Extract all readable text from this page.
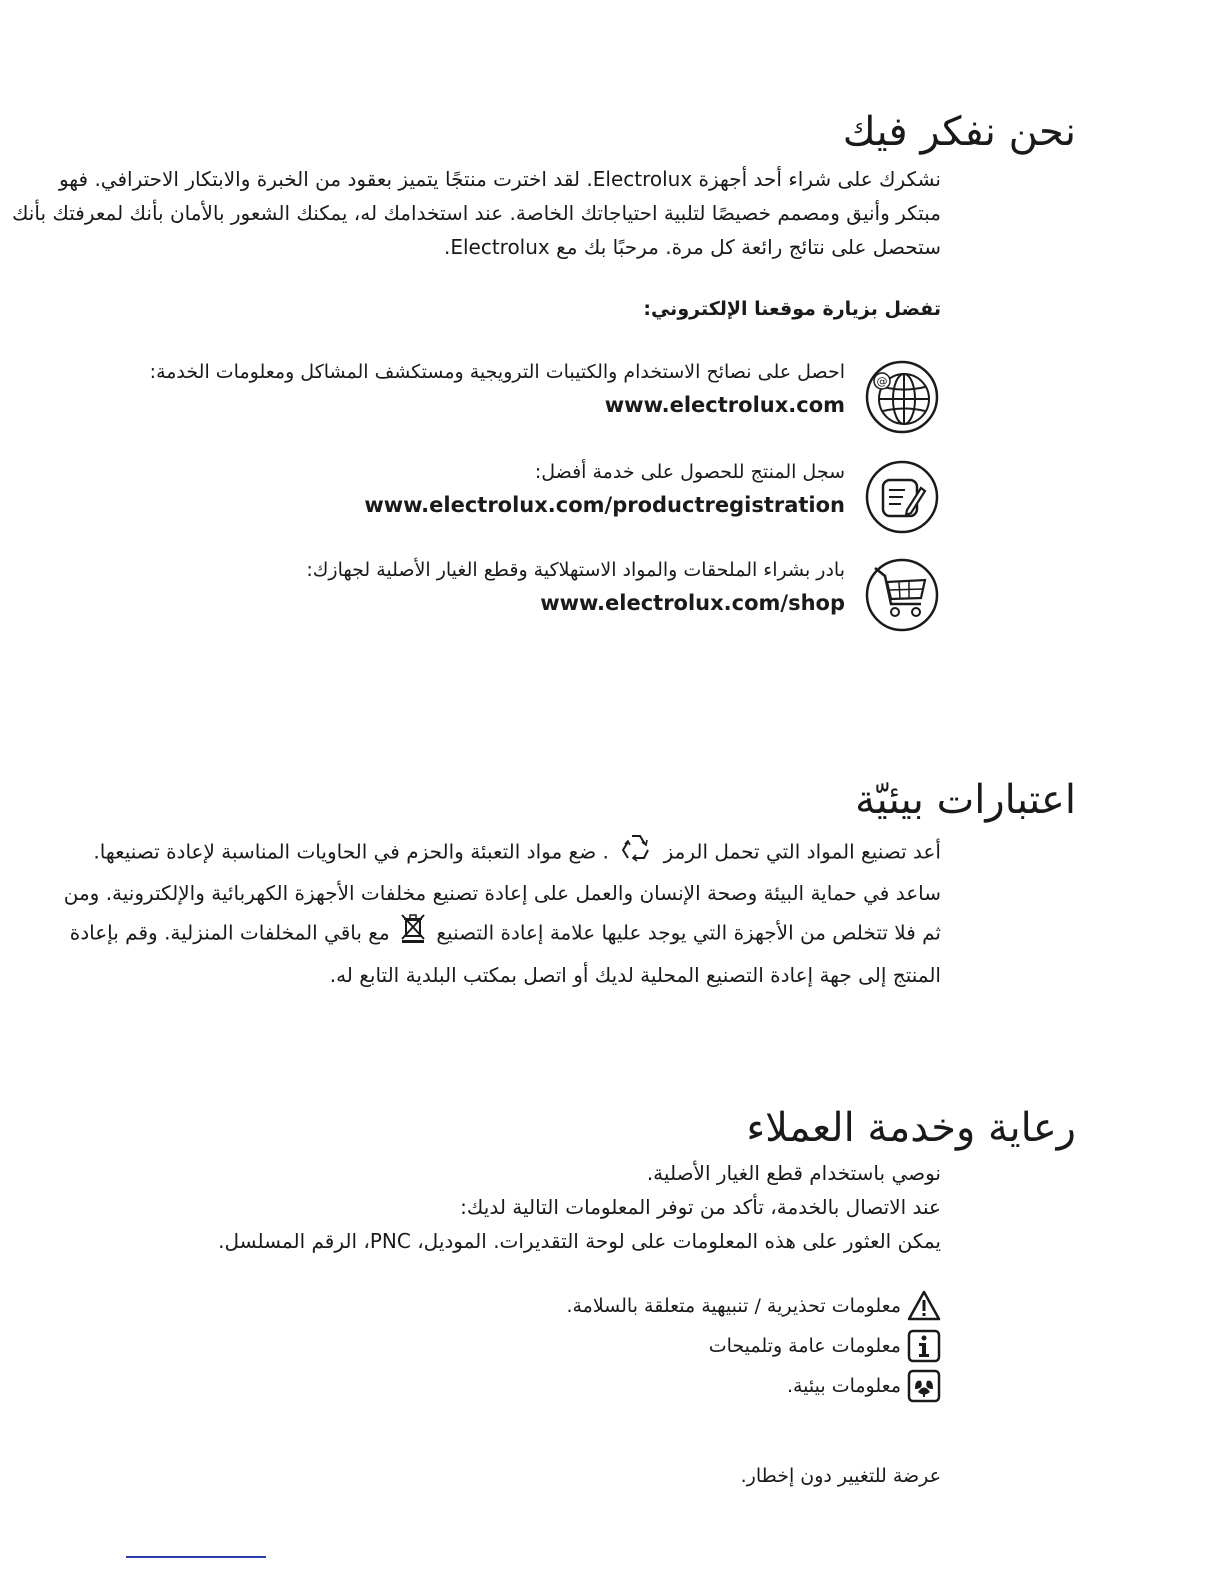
نحن نفكر فيك
نشكرك على شراء أحد أجهزة Electrolux. لقد اخترت منتجًا يتميز بعقود من الخبرة والابتكار الاحترافي. فهو
مبتكر وأنيق ومصمم خصيصًا لتلبية احتياجاتك الخاصة. عند استخدامك له، يمكنك الشعور بالأمان بأنك لمعرفتك بأنك
ستحصل على نتائج رائعة كل مرة. مرحبًا بك مع Electrolux.
تفضل بزيارة موقعنا الإلكتروني:
@
احصل على نصائح الاستخدام والكتيبات الترويجية ومستكشف المشاكل ومعلومات الخدمة:
www.electrolux.com
سجل المنتج للحصول على خدمة أفضل:
www.electrolux.com/productregistration
بادر بشراء الملحقات والمواد الاستهلاكية وقطع الغيار الأصلية لجهازك:
www.electrolux.com/shop
اعتبارات بيئيّة
أعد تصنيع المواد التي تحمل الرمز  . ضع مواد التعبئة والحزم في الحاويات المناسبة لإعادة تصنيعها.
ساعد في حماية البيئة وصحة الإنسان والعمل على إعادة تصنيع مخلفات الأجهزة الكهربائية والإلكترونية. ومن
ثم فلا تتخلص من الأجهزة التي يوجد عليها علامة إعادة التصنيع  مع باقي المخلفات المنزلية. وقم بإعادة
المنتج إلى جهة إعادة التصنيع المحلية لديك أو اتصل بمكتب البلدية التابع له.
رعاية وخدمة العملاء
نوصي باستخدام قطع الغيار الأصلية.
عند الاتصال بالخدمة، تأكد من توفر المعلومات التالية لديك:
يمكن العثور على هذه المعلومات على لوحة التقديرات. الموديل، PNC، الرقم المسلسل.
معلومات تحذيرية / تنبيهية متعلقة بالسلامة.
معلومات عامة وتلميحات
معلومات بيئية.
عرضة للتغيير دون إخطار.
